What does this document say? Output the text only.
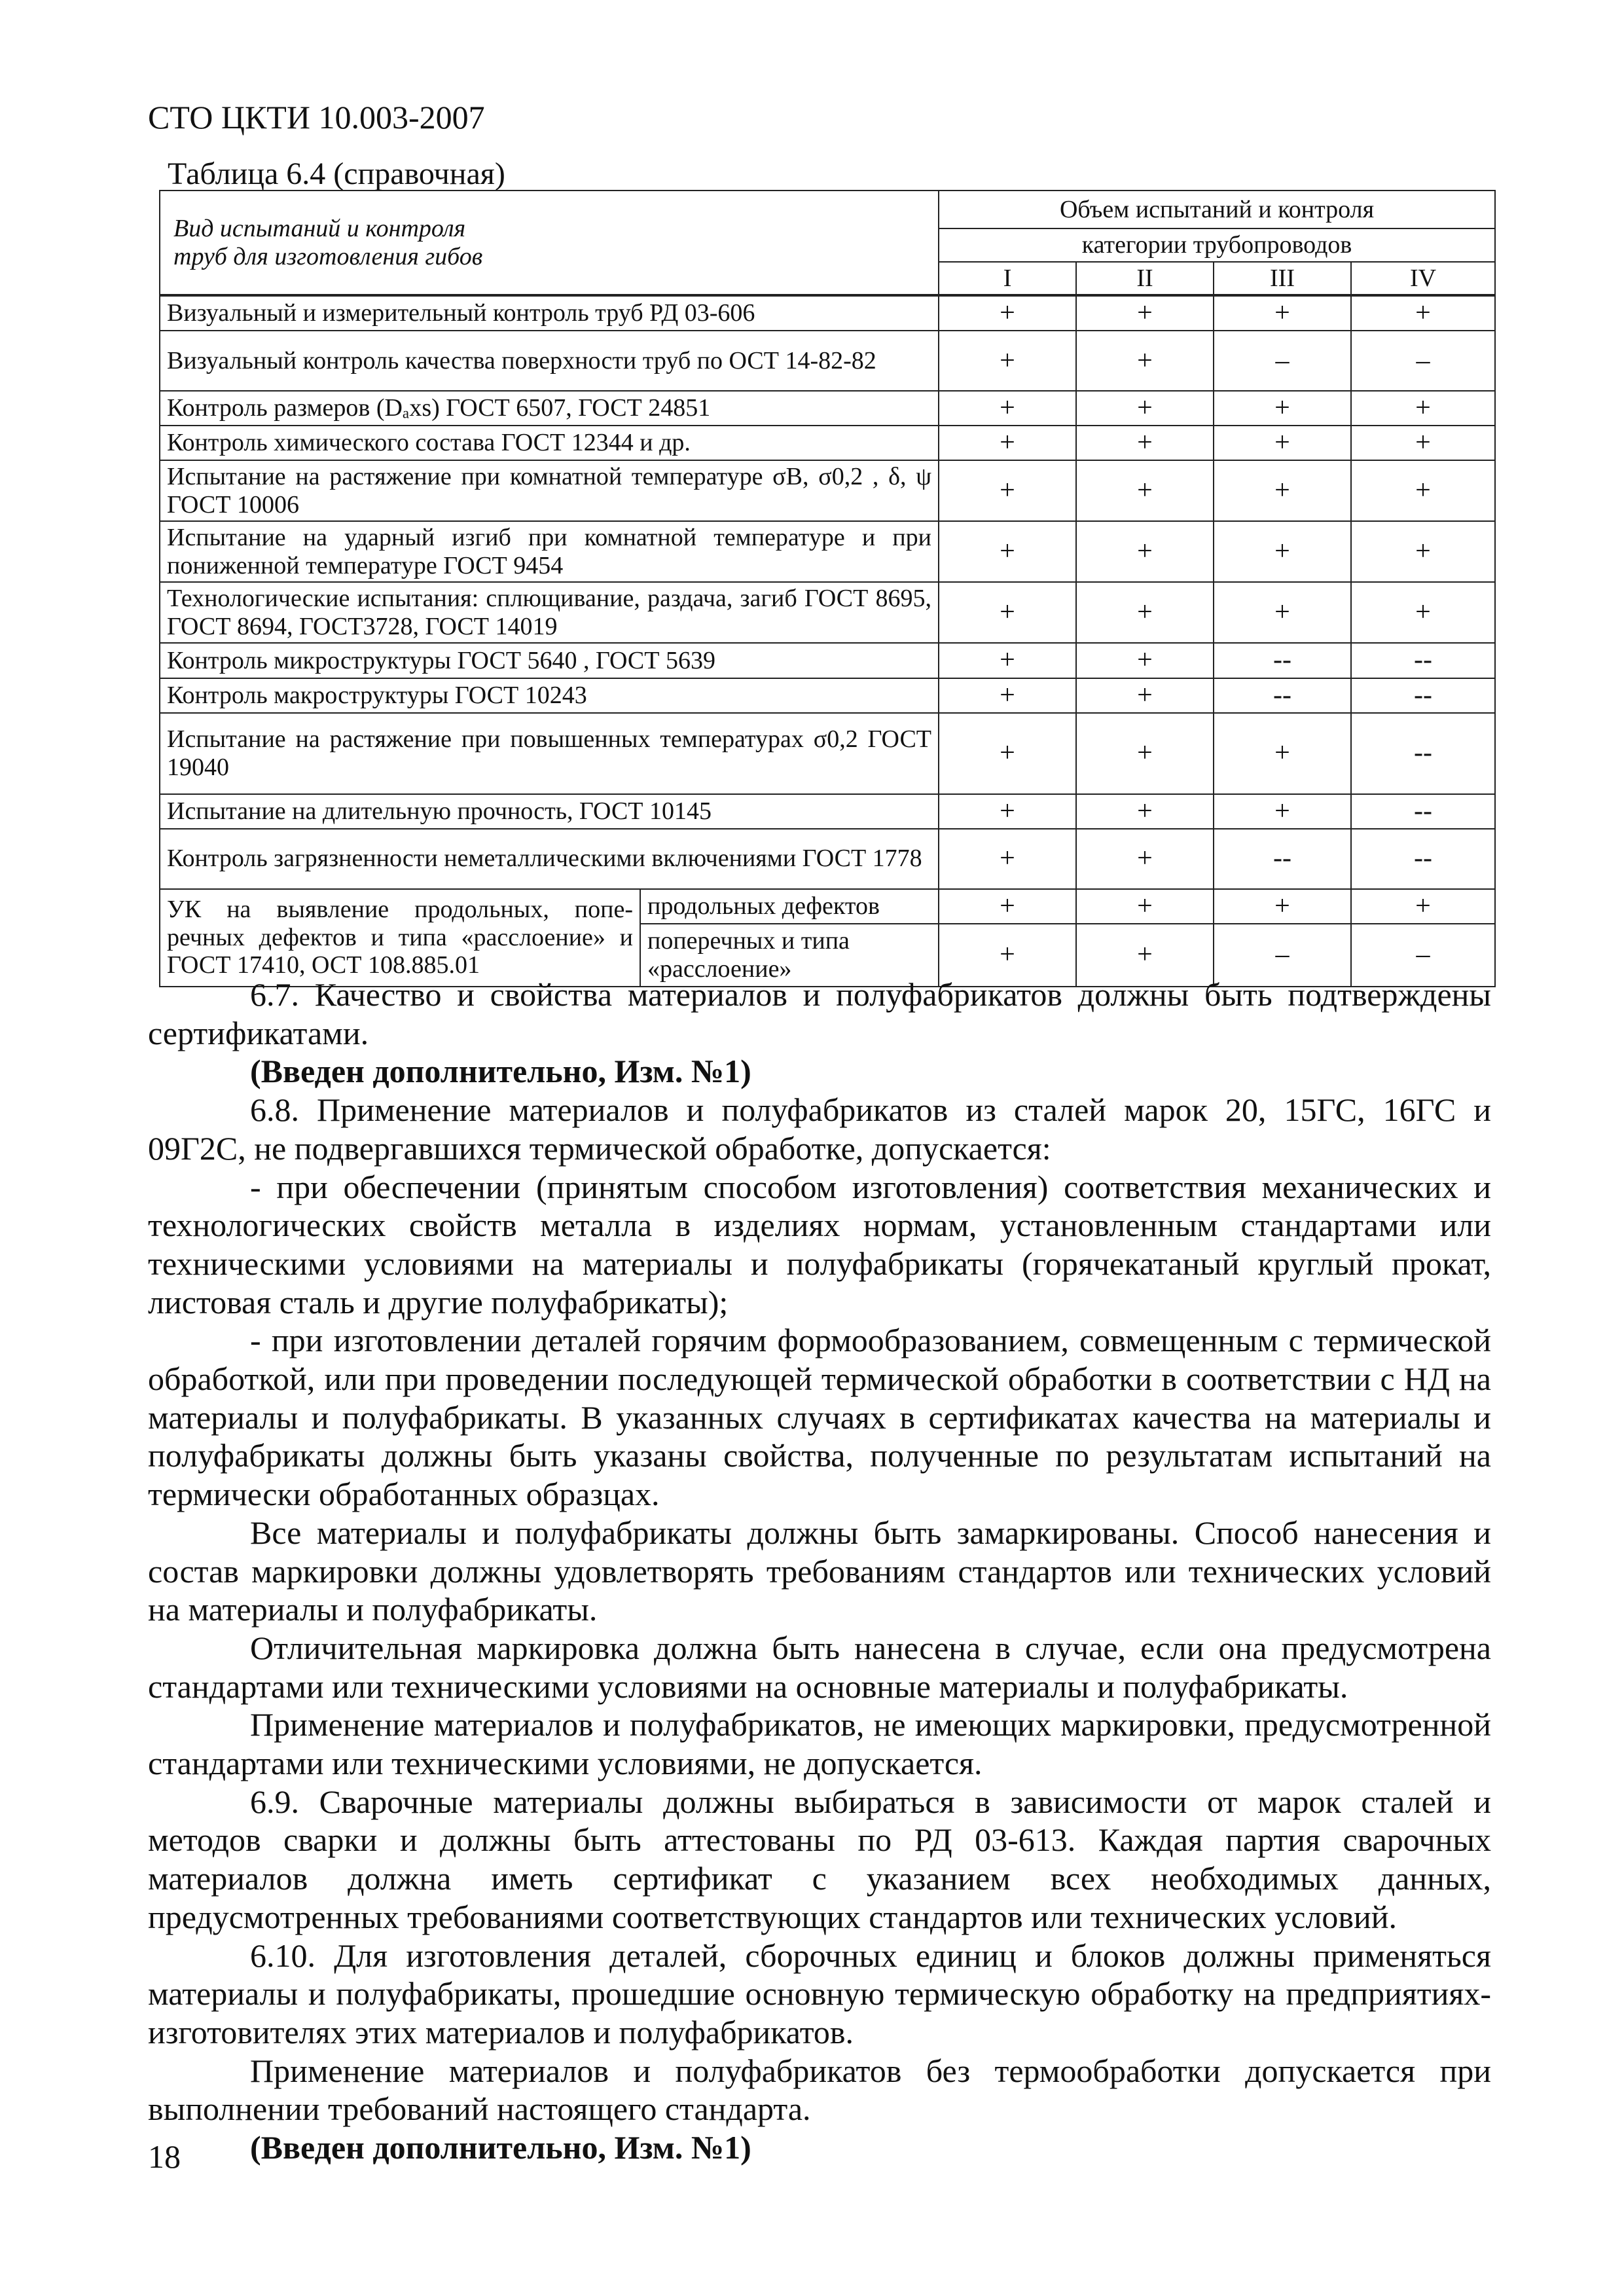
СТО ЦКТИ 10.003-2007
Таблица 6.4 (справочная)
Вид испытаний и контроля
труб для изготовления гибов		Объем испытаний и контроля			
		категории трубопроводов			
		I	II	III	IV
Визуальный и измерительный контроль труб РД 03-606		+	+	+	+
Визуальный контроль качества поверхности труб по ОСТ 14-82-82		+	+	–	–
Контроль размеров (Dₐxs) ГОСТ 6507, ГОСТ 24851		+	+	+	+
Контроль химического состава ГОСТ 12344 и др.		+	+	+	+
Испытание на растяжение при комнатной температуре σВ, σ0,2 , δ, ψ ГОСТ 10006		+	+	+	+
Испытание на ударный изгиб при комнатной температуре и при пониженной температуре ГОСТ 9454		+	+	+	+
Технологические испытания: сплющивание, раздача, загиб ГОСТ 8695, ГОСТ 8694, ГОСТ3728, ГОСТ 14019		+	+	+	+
Контроль микроструктуры ГОСТ 5640 , ГОСТ 5639		+	+	--	--
Контроль макроструктуры ГОСТ 10243		+	+	--	--
Испытание на растяжение при повышенных температурах σ0,2 ГОСТ 19040		+	+	+	--
Испытание на длительную прочность, ГОСТ 10145		+	+	+	--
Контроль загрязненности неметаллическими включениями ГОСТ 1778		+	+	--	--
УК на выявление продольных, попе-речных дефектов и типа «расслоение» и ГОСТ 17410, ОСТ 108.885.01	продольных дефектов	+	+	+	+
	поперечных и типа «расслоение»	+	+	–	–

6.7. Качество и свойства материалов и полуфабрикатов должны быть подтверждены сертификатами.

(Введен дополнительно, Изм. №1)

6.8. Применение материалов и полуфабрикатов из сталей марок 20, 15ГС, 16ГС и 09Г2С, не подвергавшихся термической обработке, допускается:

- при обеспечении (принятым способом изготовления) соответствия механических и технологических свойств металла в изделиях нормам, установленным стандартами или техническими условиями на материалы и полуфабрикаты (горячекатаный круглый прокат, листовая сталь и другие полуфабрикаты);

- при изготовлении деталей горячим формообразованием, совмещенным с термической обработкой, или при проведении последующей термической обработки в соответствии с НД на материалы и полуфабрикаты. В указанных случаях в сертификатах качества на материалы и полуфабрикаты должны быть указаны свойства, полученные по результатам испытаний на термически обработанных образцах.

Все материалы и полуфабрикаты должны быть замаркированы. Способ нанесения и состав маркировки должны удовлетворять требованиям стандартов или технических условий на материалы и полуфабрикаты.

Отличительная маркировка должна быть нанесена в случае, если она предусмотрена стандартами или техническими условиями на основные материалы и полуфабрикаты.

Применение материалов и полуфабрикатов, не имеющих маркировки, предусмотренной стандартами или техническими условиями, не допускается.

6.9. Сварочные материалы должны выбираться в зависимости от марок сталей и методов сварки и должны быть аттестованы по РД 03-613. Каждая партия сварочных материалов должна иметь сертификат с указанием всех необходимых данных, предусмотренных требованиями соответствующих стандартов или технических условий.

6.10. Для изготовления деталей, сборочных единиц и блоков должны применяться материалы и полуфабрикаты, прошедшие основную термическую обработку на предприятиях-изготовителях этих материалов и полуфабрикатов.

Применение материалов и полуфабрикатов без термообработки допускается при выполнении требований настоящего стандарта.

(Введен дополнительно, Изм. №1)

18
